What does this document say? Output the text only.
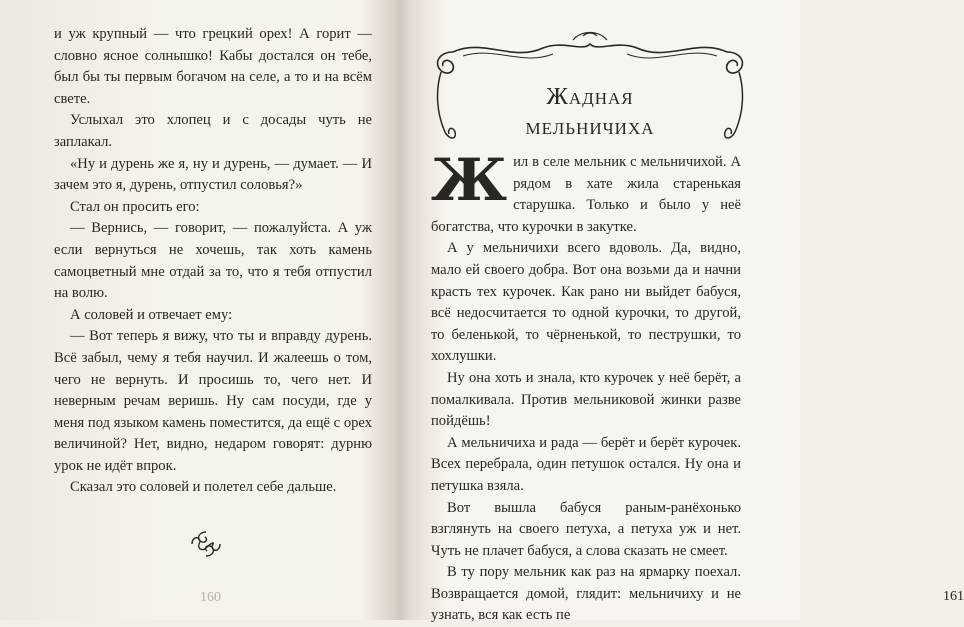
и уж крупный — что грецкий орех! А горит — словно ясное солнышко! Кабы достался он тебе, был бы ты первым богачом на селе, а то и на всём свете.

Услыхал это хлопец и с досады чуть не заплакал.

«Ну и дурень же я, ну и дурень, — думает. — И зачем это я, дурень, отпустил соловья?»

Стал он просить его:

— Вернись, — говорит, — пожалуйста. А уж если вернуться не хочешь, так хоть камень самоцветный мне отдай за то, что я тебя отпустил на волю.

А соловей и отвечает ему:

— Вот теперь я вижу, что ты и вправду дурень. Всё забыл, чему я тебя научил. И жалеешь о том, чего не вернуть. И просишь то, чего нет. И неверным речам веришь. Ну сам посуди, где у меня под языком камень поместится, да ещё с орех величиной? Нет, видно, недаром говорят: дурню урок не идёт впрок.

Сказал это соловей и полетел себе дальше.

160
Жадная
мельничиха

Жил в селе мельник с мельничихой. А рядом в хате жила старенькая старушка. Только и было у неё богатства, что курочки в закутке.

А у мельничихи всего вдоволь. Да, видно, мало ей своего добра. Вот она возьми да и начни красть тех курочек. Как рано ни выйдет бабуся, всё недосчитается то одной курочки, то другой, то беленькой, то чёрненькой, то пеструшки, то хохлушки.

Ну она хоть и знала, кто курочек у неё берёт, а помалкивала. Против мельниковой жинки разве пойдёшь!

А мельничиха и рада — берёт и берёт курочек. Всех перебрала, один петушок остался. Ну она и петушка взяла.

Вот вышла бабуся раным-ранёхонько взглянуть на своего петуха, а петуха уж и нет. Чуть не плачет бабуся, а слова сказать не смеет.

В ту пору мельник как раз на ярмарку поехал. Возвращается домой, глядит: мельничиху и не узнать, вся как есть пе

161
